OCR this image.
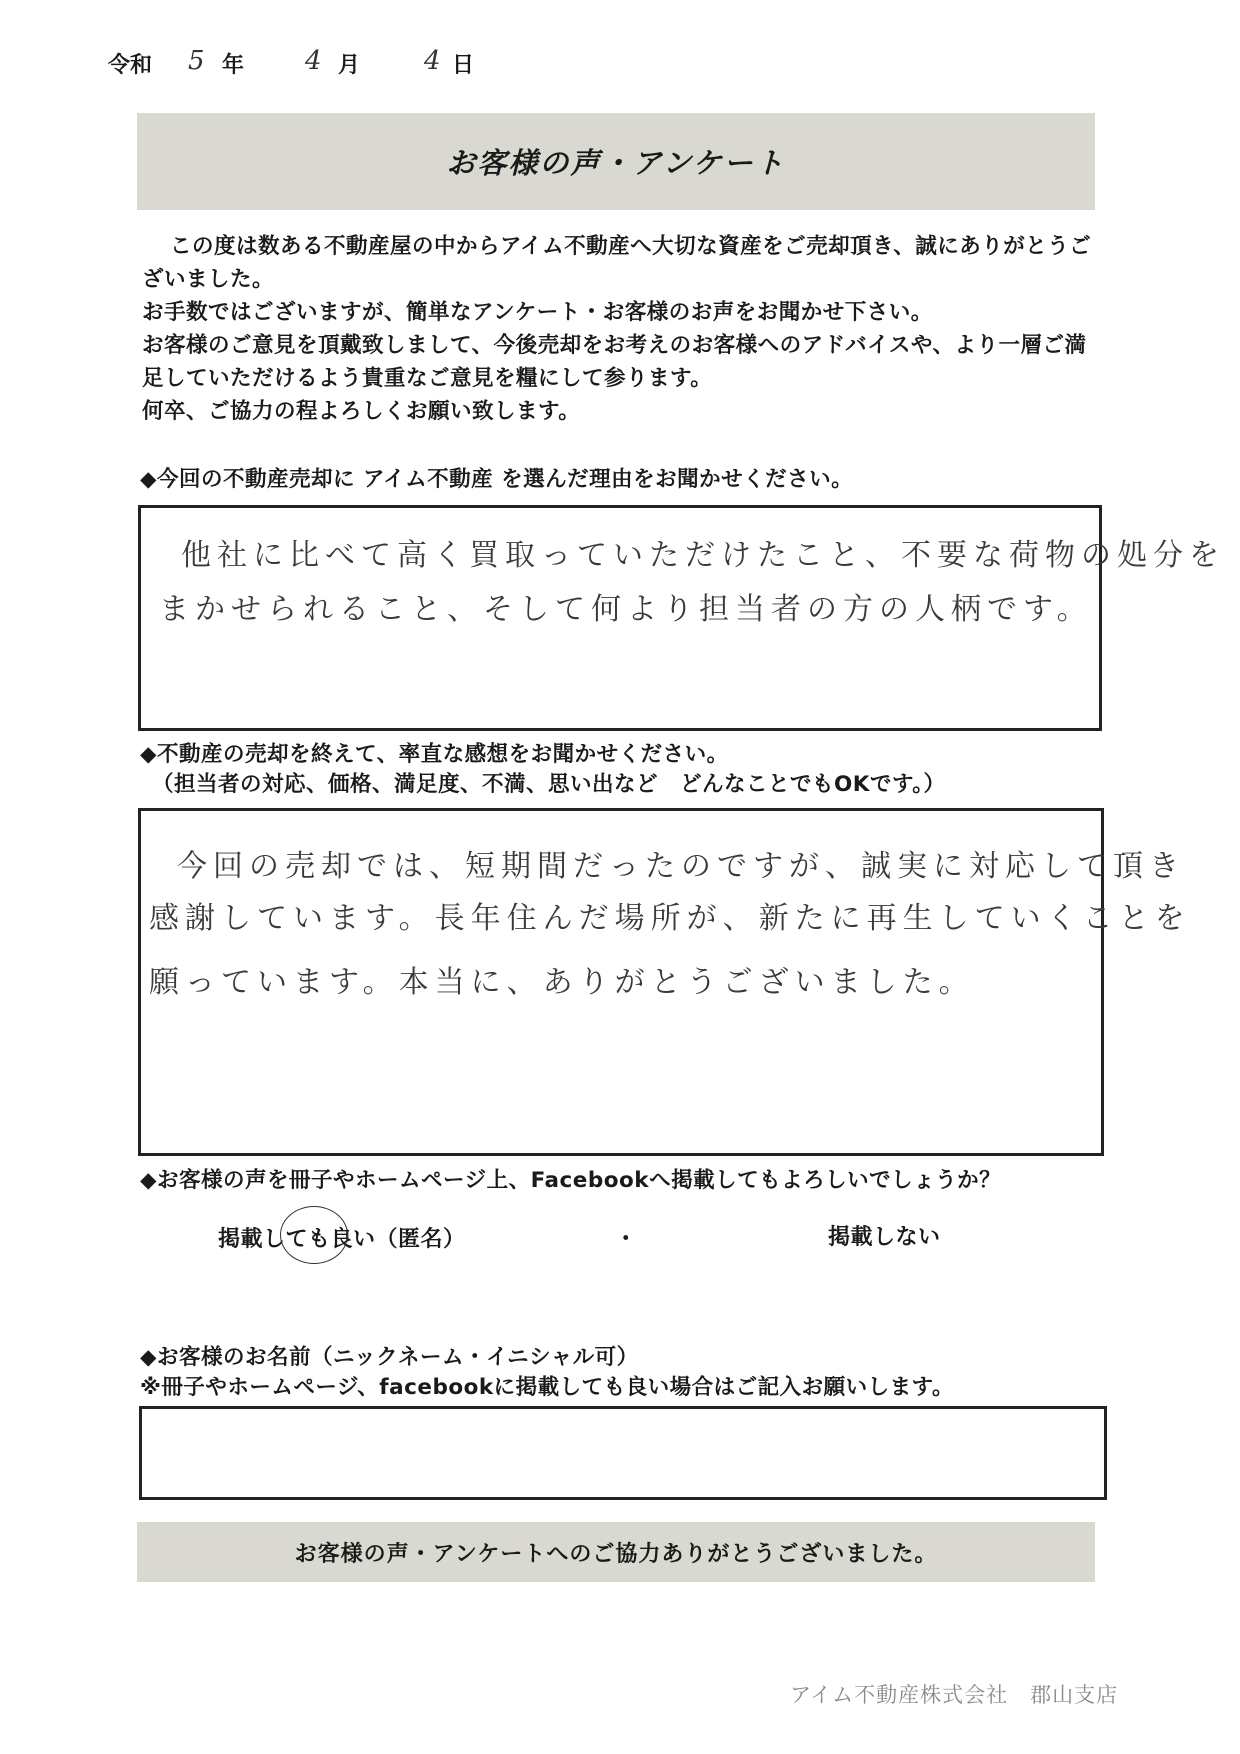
令和 5 年 4 月 4 日
お客様の声・アンケート

この度は数ある不動産屋の中からアイム不動産へ大切な資産をご売却頂き、誠にありがとうございました。

お手数ではございますが、簡単なアンケート・お客様のお声をお聞かせ下さい。

お客様のご意見を頂戴致しまして、今後売却をお考えのお客様へのアドバイスや、より一層ご満足していただけるよう貴重なご意見を糧にして参ります。

何卒、ご協力の程よろしくお願い致します。

◆今回の不動産売却に アイム不動産 を選んだ理由をお聞かせください。
他社に比べて高く買取っていただけたこと、不要な荷物の処分を
まかせられること、そして何より担当者の方の人柄です。
◆不動産の売却を終えて、率直な感想をお聞かせください。
（担当者の対応、価格、満足度、不満、思い出など　どんなことでもOKです。）
今回の売却では、短期間だったのですが、誠実に対応して頂き
感謝しています。長年住んだ場所が、新たに再生していくことを
願っています。本当に、ありがとうございました。
◆お客様の声を冊子やホームページ上、Facebookへ掲載してもよろしいでしょうか？
掲載しても良い（匿名）	・	掲載しない
◆お客様のお名前（ニックネーム・イニシャル可）
※冊子やホームページ、facebookに掲載しても良い場合はご記入お願いします。
お客様の声・アンケートへのご協力ありがとうございました。
アイム不動産株式会社　郡山支店
